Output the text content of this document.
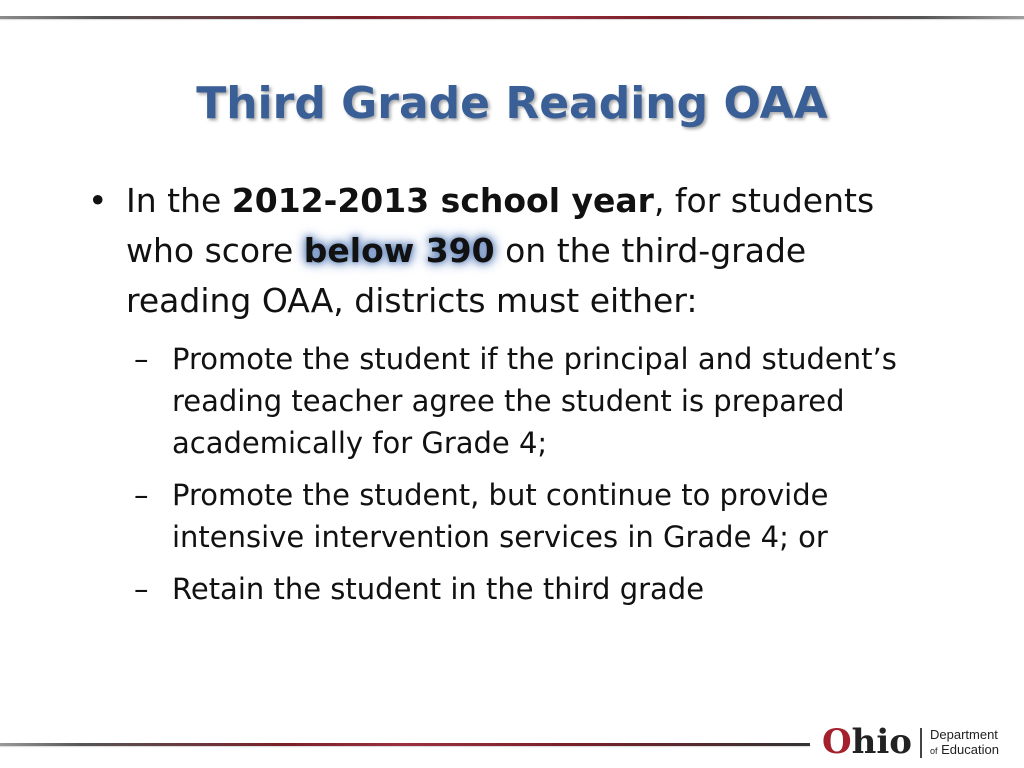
Third Grade Reading OAA

• In the 2012-2013 school year, for students who score below 390 on the third-grade reading OAA, districts must either:

– Promote the student if the principal and student’s reading teacher agree the student is prepared academically for Grade 4;
– Promote the student, but continue to provide intensive intervention services in Grade 4; or
– Retain the student in the third grade
Ohio Department
of Education
